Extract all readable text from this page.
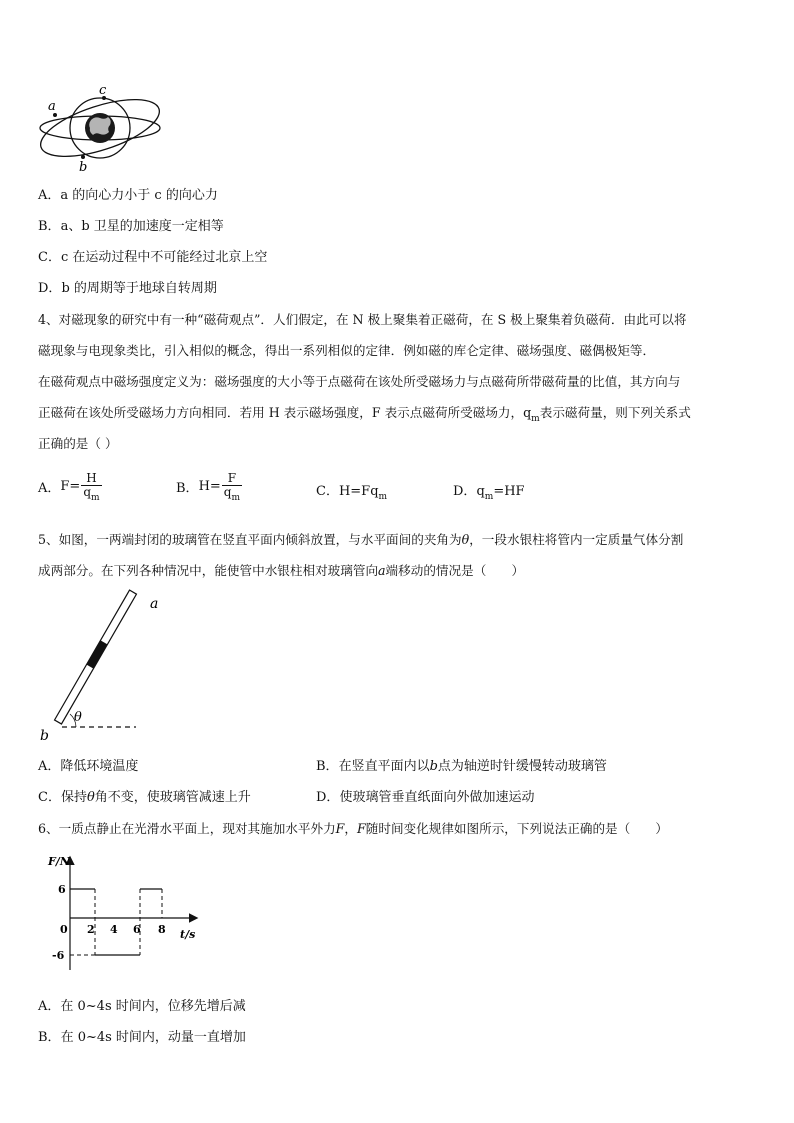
a
b
c
A．a 的向心力小于 c 的向心力
B．a、b 卫星的加速度一定相等
C．c 在运动过程中不可能经过北京上空
D．b 的周期等于地球自转周期
4、对磁现象的研究中有一种“磁荷观点”．人们假定，在 N 极上聚集着正磁荷，在 S 极上聚集着负磁荷．由此可以将
磁现象与电现象类比，引入相似的概念，得出一系列相似的定律．例如磁的库仑定律、磁场强度、磁偶极矩等．
在磁荷观点中磁场强度定义为：磁场强度的大小等于点磁荷在该处所受磁场力与点磁荷所带磁荷量的比值，其方向与
正磁荷在该处所受磁场力方向相同．若用 H 表示磁场强度，F 表示点磁荷所受磁场力，$q_m$表示磁荷量，则下列关系式
正确的是（ ）
A．$F= \frac{H}{q_m}$	B．$H= \frac{F}{q_m}$	C．$H=Fq_m$	D．$q_m=HF$
5、如图，一两端封闭的玻璃管在竖直平面内倾斜放置，与水平面间的夹角为θ，一段水银柱将管内一定质量气体分割
成两部分。在下列各种情况中，能使管中水银柱相对玻璃管向a端移动的情况是（　　）
θ
a
b
A．降低环境温度	B．在竖直平面内以b点为轴逆时针缓慢转动玻璃管
C．保持θ角不变，使玻璃管减速上升	D．使玻璃管垂直纸面向外做加速运动
6、一质点静止在光滑水平面上，现对其施加水平外力F，F随时间变化规律如图所示，下列说法正确的是（　　）
F/N
t/s
0
6
-6
2 4 6 8
A．在 0~4s 时间内，位移先增后减
B．在 0~4s 时间内，动量一直增加
